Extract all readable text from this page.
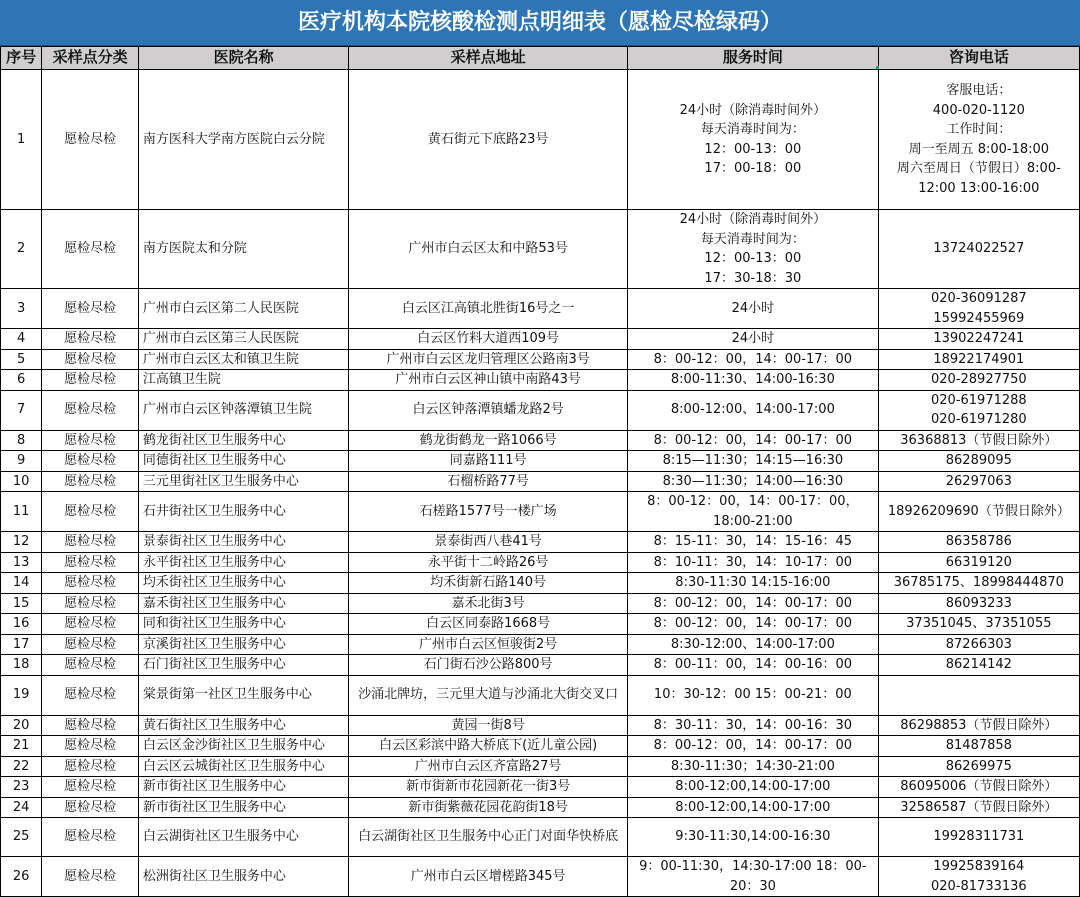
医疗机构本院核酸检测点明细表（愿检尽检绿码）
序号	采样点分类	医院名称	采样点地址	服务时间	咨询电话
1	愿检尽检	南方医科大学南方医院白云分院	黄石街元下底路23号	24小时（除消毒时间外）
每天消毒时间为：
12：00-13：00
17：00-18：00	客服电话：
400-020-1120
工作时间：
周一至周五 8:00-18:00
周六至周日（节假日）8:00-12:00 13:00-16:00
2	愿检尽检	南方医院太和分院	广州市白云区太和中路53号	24小时（除消毒时间外）
每天消毒时间为：
12：00-13：00
17：30-18：30	13724022527
3	愿检尽检	广州市白云区第二人民医院	白云区江高镇北胜街16号之一	24小时	020-36091287
15992455969
4	愿检尽检	广州市白云区第三人民医院	白云区竹料大道西109号	24小时	13902247241
5	愿检尽检	广州市白云区太和镇卫生院	广州市白云区龙归管理区公路南3号	8：00-12：00，14：00-17：00	18922174901
6	愿检尽检	江高镇卫生院	广州市白云区神山镇中南路43号	8:00-11:30、14:00-16:30	020-28927750
7	愿检尽检	广州市白云区钟落潭镇卫生院	白云区钟落潭镇蟠龙路2号	8:00-12:00、14:00-17:00	020-61971288
020-61971280
8	愿检尽检	鹤龙街社区卫生服务中心	鹤龙街鹤龙一路1066号	8：00-12：00，14：00-17：00	36368813（节假日除外）
9	愿检尽检	同德街社区卫生服务中心	同嘉路111号	8:15—11:30；14:15—16:30	86289095
10	愿检尽检	三元里街社区卫生服务中心	石榴桥路77号	8:30—11:30；14:00—16:30	26297063
11	愿检尽检	石井街社区卫生服务中心	石槎路1577号一楼广场	8：00-12：00，14：00-17：00，
18:00-21:00	18926209690（节假日除外）
12	愿检尽检	景泰街社区卫生服务中心	景泰街西八巷41号	8：15-11：30，14：15-16：45	86358786
13	愿检尽检	永平街社区卫生服务中心	永平街十二岭路26号	8：10-11：30，14：10-17：00	66319120
14	愿检尽检	均禾街社区卫生服务中心	均禾街新石路140号	8:30-11:30 14:15-16:00	36785175、18998444870
15	愿检尽检	嘉禾街社区卫生服务中心	嘉禾北街3号	8：00-12：00，14：00-17：00	86093233
16	愿检尽检	同和街社区卫生服务中心	白云区同泰路1668号	8：00-12：00，14：00-17：00	37351045、37351055
17	愿检尽检	京溪街社区卫生服务中心	广州市白云区恒骏街2号	8:30-12:00、14:00-17:00	87266303
18	愿检尽检	石门街社区卫生服务中心	石门街石沙公路800号	8：00-11：00，14：00-16：00	86214142
19	愿检尽检	棠景街第一社区卫生服务中心	沙涌北牌坊，三元里大道与沙涌北大街交叉口	10：30-12：00 15：00-21：00	
20	愿检尽检	黄石街社区卫生服务中心	黄园一街8号	8：30-11：30，14：00-16：30	86298853（节假日除外）
21	愿检尽检	白云区金沙街社区卫生服务中心	白云区彩滨中路大桥底下(近儿童公园)	8：00-12：00，14：00-17：00	81487858
22	愿检尽检	白云区云城街社区卫生服务中心	广州市白云区齐富路27号	8:30-11:30；14:30-21:00	86269975
23	愿检尽检	新市街社区卫生服务中心	新市街新市花园新花一街3号	8:00-12:00,14:00-17:00	86095006（节假日除外）
24	愿检尽检	新市街社区卫生服务中心	新市街紫薇花园花韵街18号	8:00-12:00,14:00-17:00	32586587（节假日除外）
25	愿检尽检	白云湖街社区卫生服务中心	白云湖街社区卫生服务中心正门对面华快桥底	9:30-11:30,14:00-16:30	19928311731
26	愿检尽检	松洲街社区卫生服务中心	广州市白云区增槎路345号	9：00-11:30，14:30-17:00 18：00-20：30	19925839164
020-81733136
